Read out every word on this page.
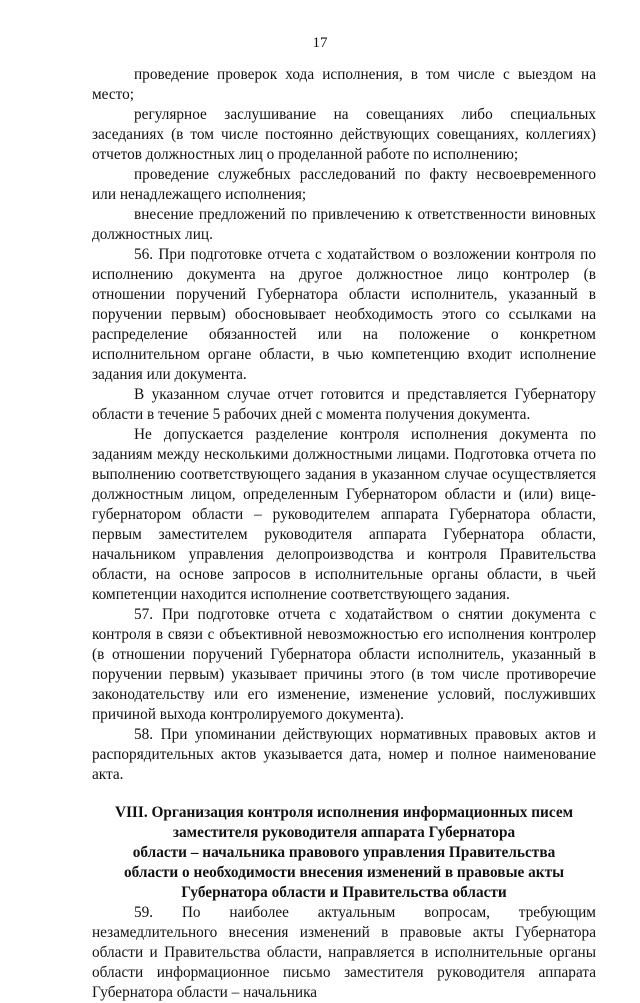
17

проведение проверок хода исполнения, в том числе с выездом на место;

регулярное заслушивание на совещаниях либо специальных заседаниях (в том числе постоянно действующих совещаниях, коллегиях) отчетов должностных лиц о проделанной работе по исполнению;

проведение служебных расследований по факту несвоевременного или ненадлежащего исполнения;

внесение предложений по привлечению к ответственности виновных должностных лиц.

56. При подготовке отчета с ходатайством о возложении контроля по исполнению документа на другое должностное лицо контролер (в отношении поручений Губернатора области исполнитель, указанный в поручении первым) обосновывает необходимость этого со ссылками на распределение обязанностей или на положение о конкретном исполнительном органе области, в чью компетенцию входит исполнение задания или документа.

В указанном случае отчет готовится и представляется Губернатору области в течение 5 рабочих дней с момента получения документа.

Не допускается разделение контроля исполнения документа по заданиям между несколькими должностными лицами. Подготовка отчета по выполнению соответствующего задания в указанном случае осуществляется должностным лицом, определенным Губернатором области и (или) вице-губернатором области – руководителем аппарата Губернатора области, первым заместителем руководителя аппарата Губернатора области, начальником управления делопроизводства и контроля Правительства области, на основе запросов в исполнительные органы области, в чьей компетенции находится исполнение соответствующего задания.

57. При подготовке отчета с ходатайством о снятии документа с контроля в связи с объективной невозможностью его исполнения контролер (в отношении поручений Губернатора области исполнитель, указанный в поручении первым) указывает причины этого (в том числе противоречие законодательству или его изменение, изменение условий, послуживших причиной выхода контролируемого документа).

58. При упоминании действующих нормативных правовых актов и распорядительных актов указывается дата, номер и полное наименование акта.

VIII. Организация контроля исполнения информационных писем
заместителя руководителя аппарата Губернатора
области – начальника правового управления Правительства
области о необходимости внесения изменений в правовые акты
Губернатора области и Правительства области

59. По наиболее актуальным вопросам, требующим незамедлительного внесения изменений в правовые акты Губернатора области и Правительства области, направляется в исполнительные органы области информационное письмо заместителя руководителя аппарата Губернатора области – начальника
